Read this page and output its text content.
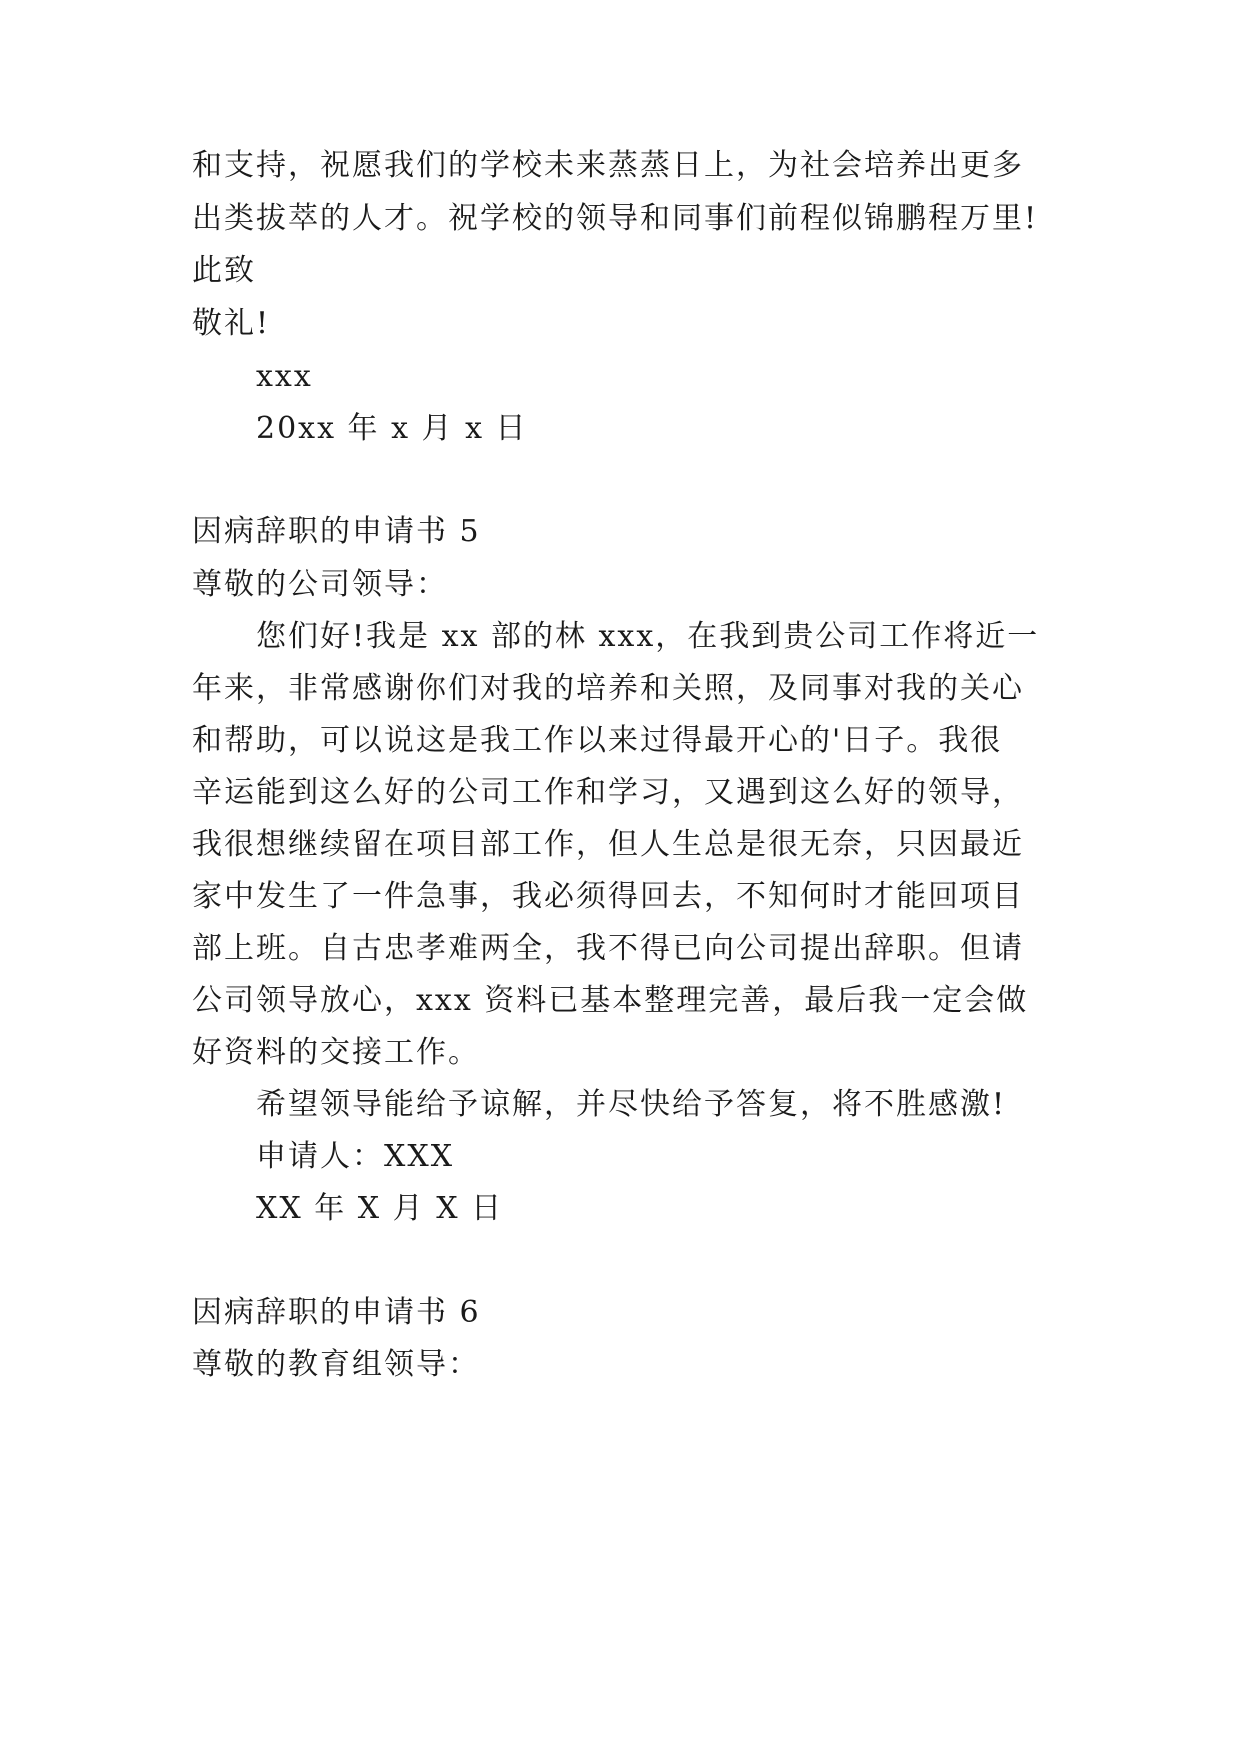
和支持，祝愿我们的学校未来蒸蒸日上，为社会培养出更多
出类拔萃的人才。祝学校的领导和同事们前程似锦鹏程万里!
此致
敬礼!
xxx
20xx 年 x 月 x 日
因病辞职的申请书 5
尊敬的公司领导：
您们好!我是 xx 部的林 xxx，在我到贵公司工作将近一
年来，非常感谢你们对我的培养和关照，及同事对我的关心
和帮助，可以说这是我工作以来过得最开心的'日子。我很
辛运能到这么好的公司工作和学习，又遇到这么好的领导，
我很想继续留在项目部工作，但人生总是很无奈，只因最近
家中发生了一件急事，我必须得回去，不知何时才能回项目
部上班。自古忠孝难两全，我不得已向公司提出辞职。但请
公司领导放心，xxx 资料已基本整理完善，最后我一定会做
好资料的交接工作。
希望领导能给予谅解，并尽快给予答复，将不胜感激!
申请人：XXX
XX 年 X 月 X 日
因病辞职的申请书 6
尊敬的教育组领导：
